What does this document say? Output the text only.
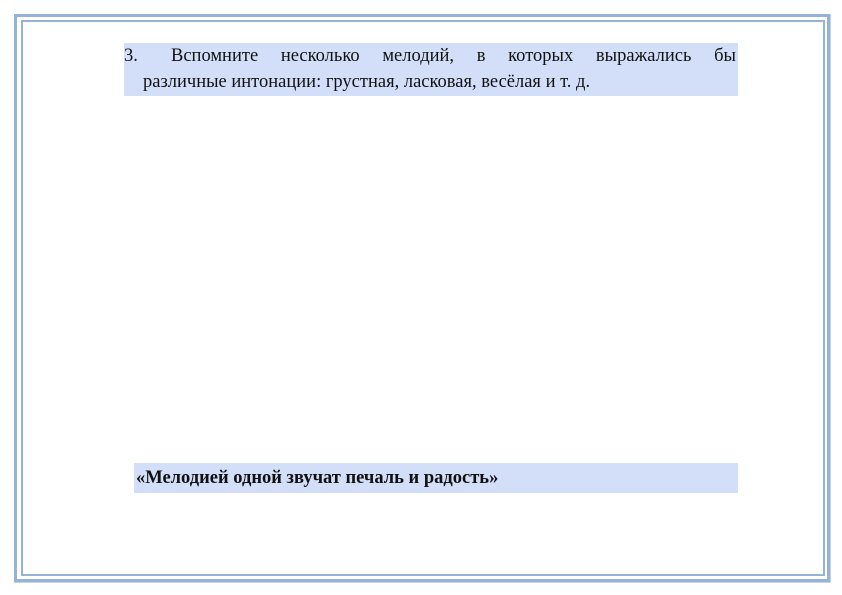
3.	Вспомните несколько мелодий, в которых выражались бы
различные интонации: грустная, ласковая, весёлая и т. д.
«Мелодией одной звучат печаль и радость»
